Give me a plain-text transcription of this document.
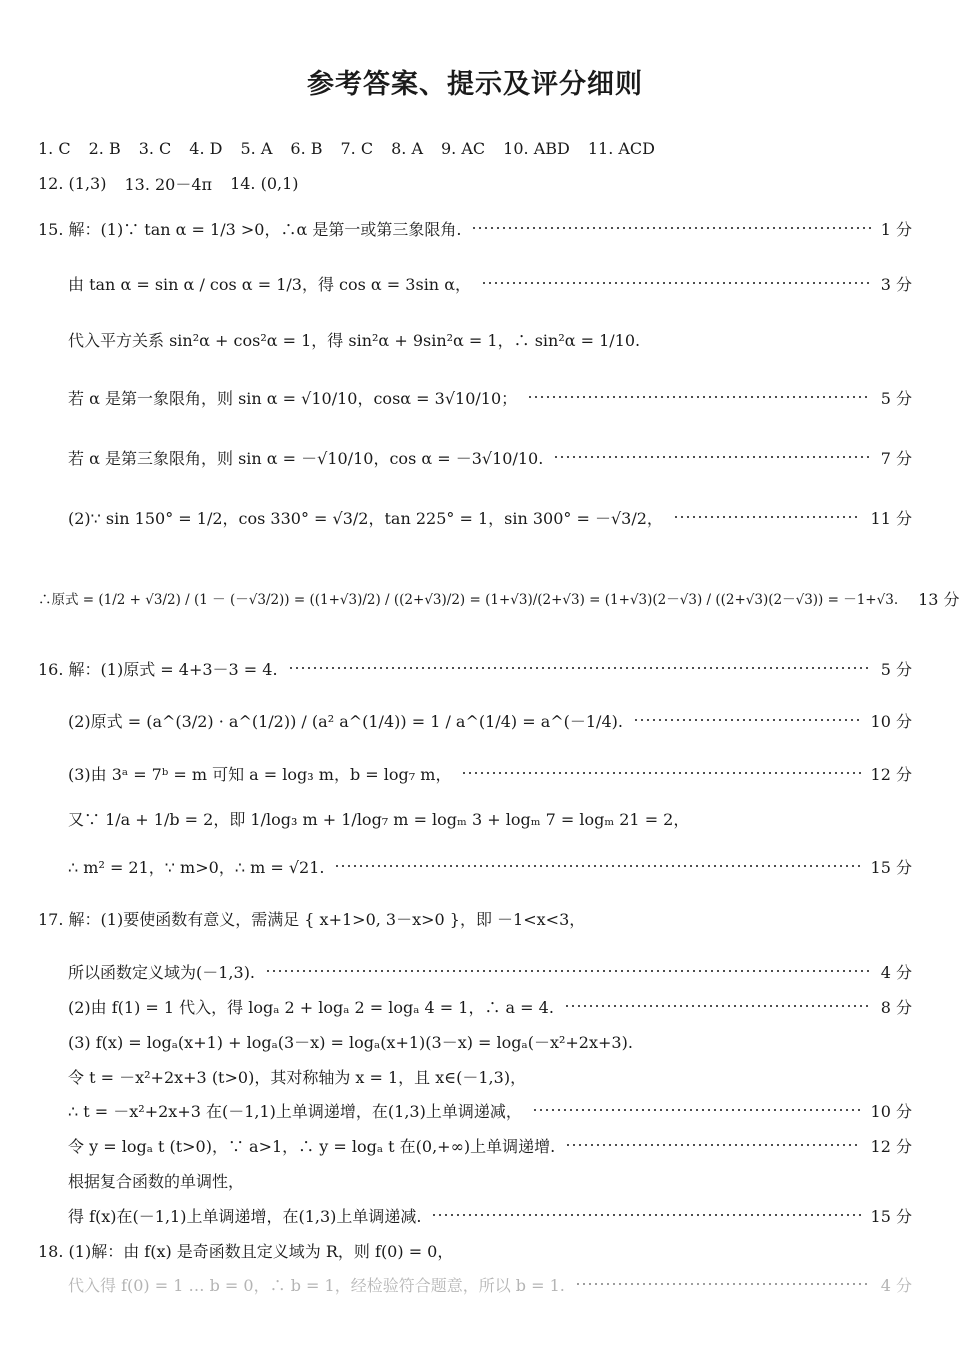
参考答案、提示及评分细则
1. C 2. B 3. C 4. D 5. A 6. B 7. C 8. A 9. AC 10. ABD 11. ACD
12. (1,3) 13. 20－4π 14. (0,1)
15. 解：(1)∵ tan α = 1/3 >0，∴α 是第一或第三象限角.	1 分
由 tan α = sin α / cos α = 1/3，得 cos α = 3sin α，	3 分
代入平方关系 sin²α + cos²α = 1，得 sin²α + 9sin²α = 1，∴ sin²α = 1/10.
若 α 是第一象限角，则 sin α = √10/10，cosα = 3√10/10；	5 分
若 α 是第三象限角，则 sin α = －√10/10，cos α = －3√10/10.	7 分
(2)∵ sin 150° = 1/2，cos 330° = √3/2，tan 225° = 1，sin 300° = －√3/2，	11 分
∴原式 = (1/2 + √3/2) / (1 － (－√3/2)) = ((1+√3)/2) / ((2+√3)/2) = (1+√3)/(2+√3) = (1+√3)(2－√3) / ((2+√3)(2－√3)) = －1+√3. 13 分
16. 解：(1)原式 = 4+3－3 = 4.	5 分
(2)原式 = (a^(3/2) · a^(1/2)) / (a² a^(1/4)) = 1 / a^(1/4) = a^(－1/4).	10 分
(3)由 3ᵃ = 7ᵇ = m 可知 a = log₃ m，b = log₇ m，	12 分
又∵ 1/a + 1/b = 2，即 1/log₃ m + 1/log₇ m = logₘ 3 + logₘ 7 = logₘ 21 = 2，
∴ m² = 21，∵ m>0，∴ m = √21.	15 分
17. 解：(1)要使函数有意义，需满足 { x+1>0, 3－x>0 }，即 －1<x<3，
所以函数定义域为(－1,3).	4 分
(2)由 f(1) = 1 代入，得 logₐ 2 + logₐ 2 = logₐ 4 = 1，∴ a = 4.	8 分
(3) f(x) = logₐ(x+1) + logₐ(3－x) = logₐ(x+1)(3－x) = logₐ(－x²+2x+3).
令 t = －x²+2x+3 (t>0)，其对称轴为 x = 1，且 x∈(－1,3)，
∴ t = －x²+2x+3 在(－1,1)上单调递增，在(1,3)上单调递减，	10 分
令 y = logₐ t (t>0)，∵ a>1，∴ y = logₐ t 在(0,+∞)上单调递增.	12 分
根据复合函数的单调性，
得 f(x)在(－1,1)上单调递增，在(1,3)上单调递减.	15 分
18. (1)解：由 f(x) 是奇函数且定义域为 R，则 f(0) = 0，
代入得 f(0) = 1 … b = 0，∴ b = 1，经检验符合题意，所以 b = 1.	4 分
